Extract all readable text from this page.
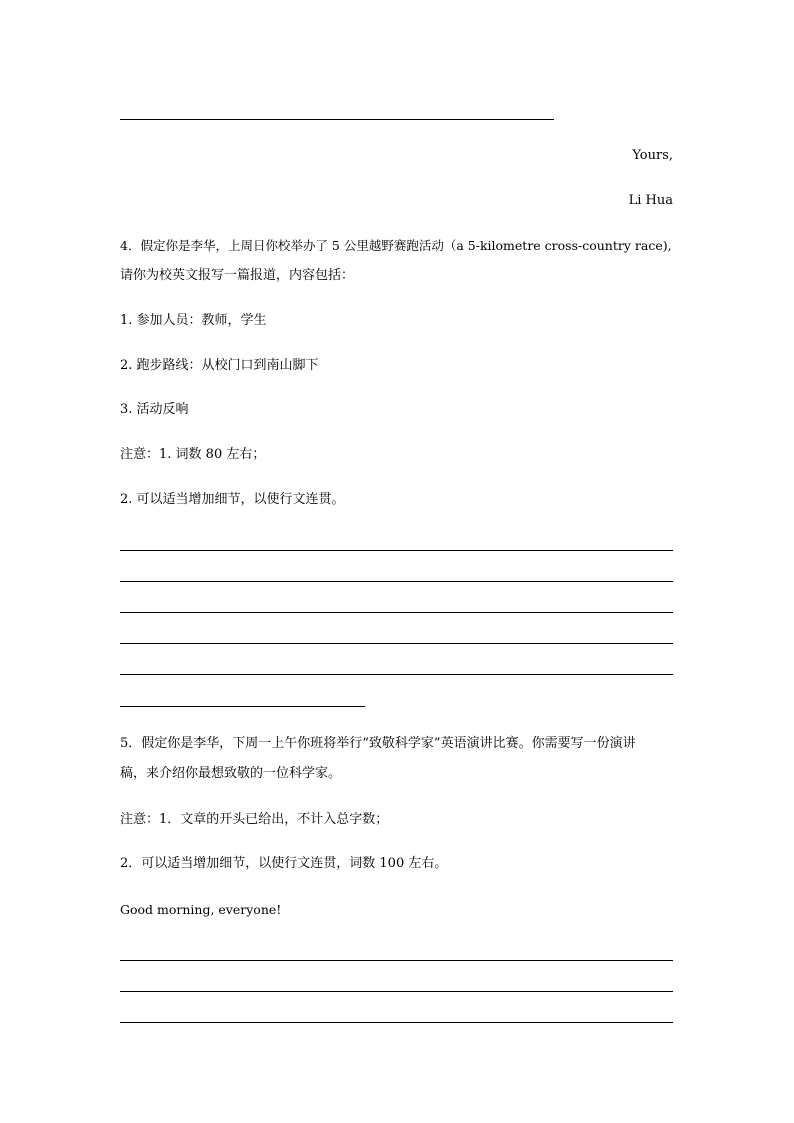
Yours,
Li Hua
4．假定你是李华，上周日你校举办了 5 公里越野赛跑活动（a 5-kilometre cross-country race),
请你为校英文报写一篇报道，内容包括：
1. 参加人员：教师，学生
2. 跑步路线：从校门口到南山脚下
3. 活动反响
注意：1. 词数 80 左右；
2. 可以适当增加细节，以使行文连贯。
5．假定你是李华，下周一上午你班将举行“致敬科学家”英语演讲比赛。你需要写一份演讲
稿，来介绍你最想致敬的一位科学家。
注意：1．文章的开头已给出，不计入总字数；
2．可以适当增加细节，以使行文连贯，词数 100 左右。
Good morning, everyone!
